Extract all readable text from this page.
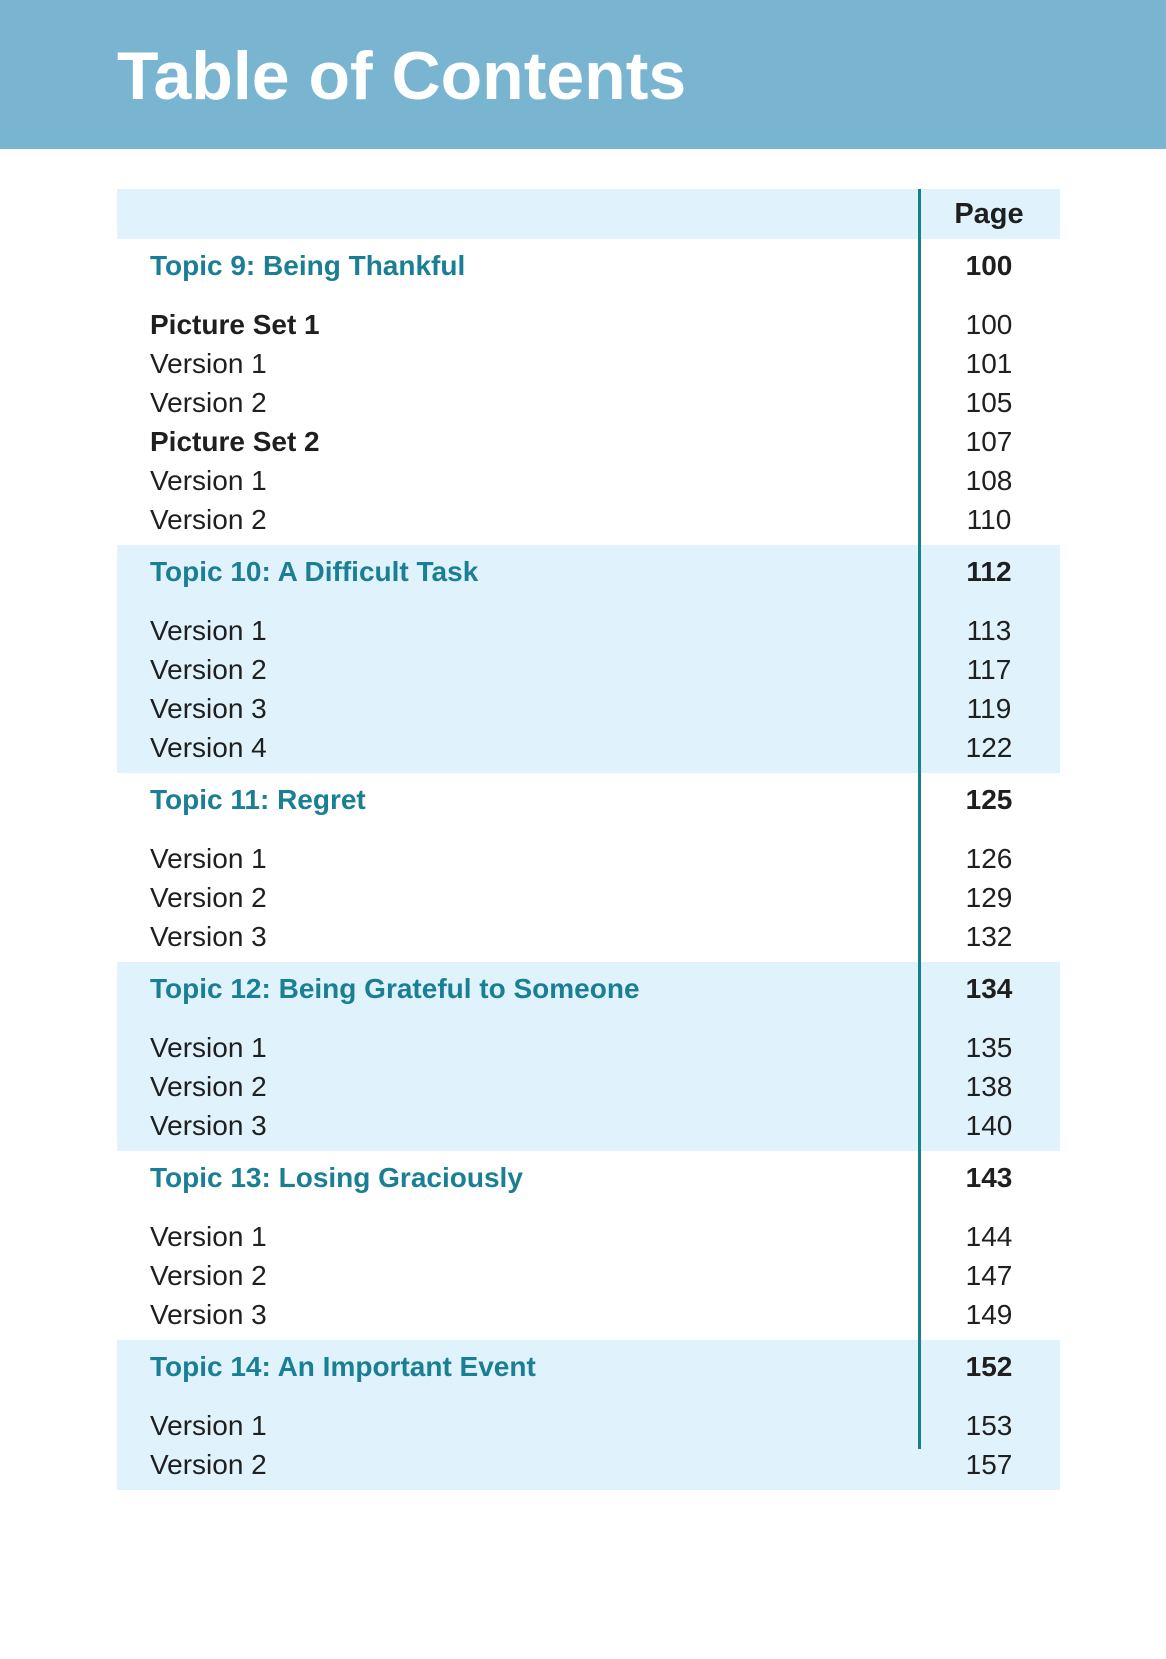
Table of Contents
Page
Topic 9: Being Thankful	100
Picture Set 1	100
Version 1	101
Version 2	105
Picture Set 2	107
Version 1	108
Version 2	110
Topic 10: A Difficult Task	112
Version 1	113
Version 2	117
Version 3	119
Version 4	122
Topic 11: Regret	125
Version 1	126
Version 2	129
Version 3	132
Topic 12: Being Grateful to Someone	134
Version 1	135
Version 2	138
Version 3	140
Topic 13: Losing Graciously	143
Version 1	144
Version 2	147
Version 3	149
Topic 14: An Important Event	152
Version 1	153
Version 2	157
